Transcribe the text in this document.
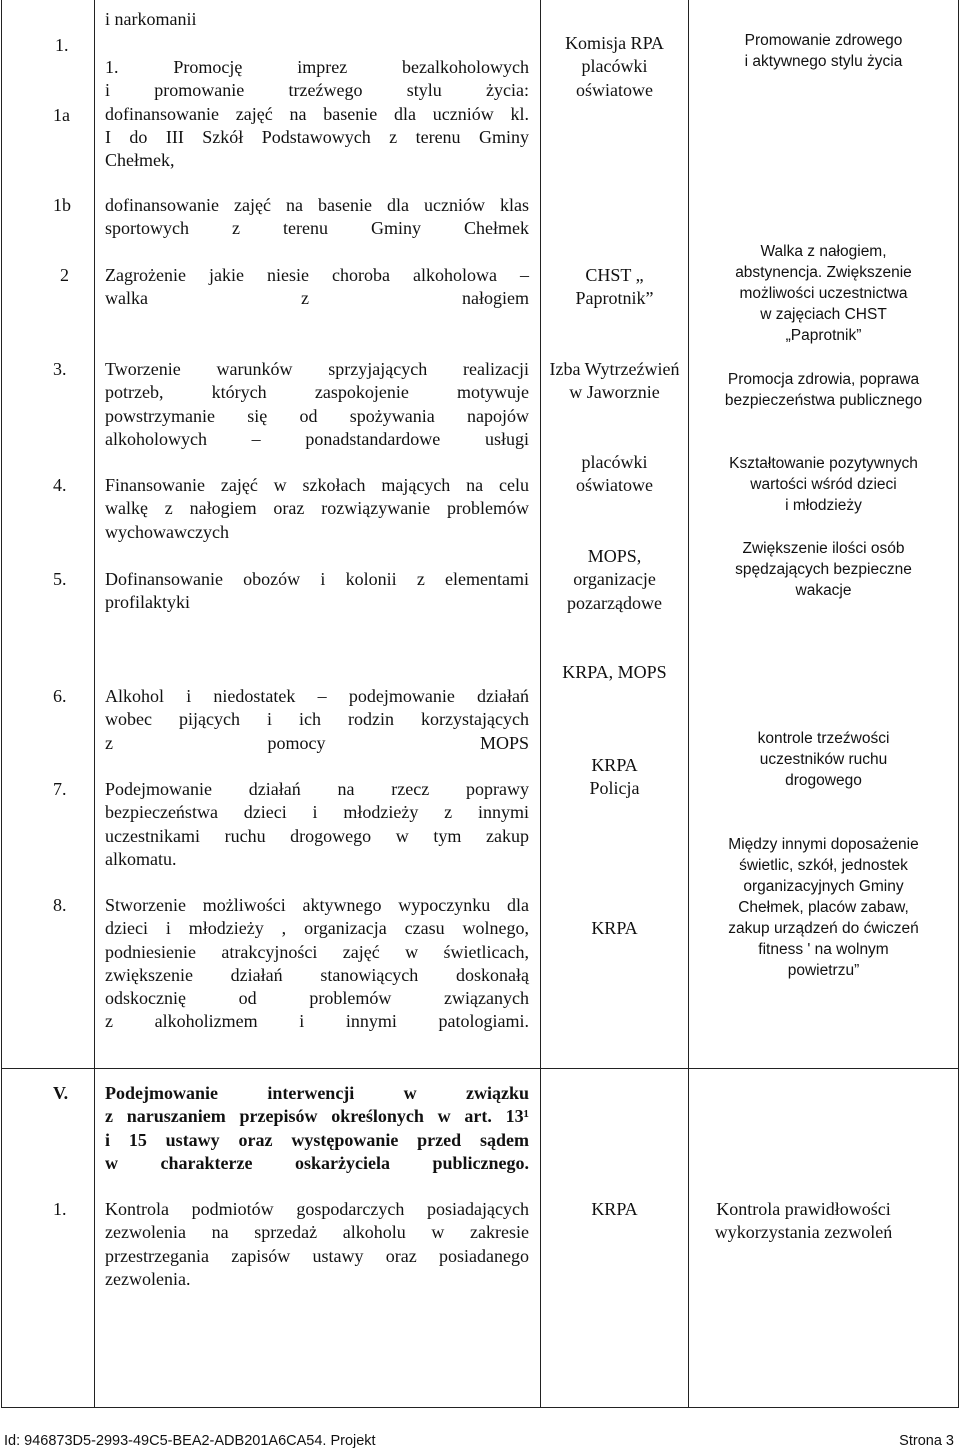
1.
1a
i narkomanii
1. Promocję imprez bezalkoholowych
i promowanie trzeźwego stylu życia:
dofinansowanie zajęć na basenie dla uczniów kl.
I do III Szkół Podstawowych z terenu Gminy
Chełmek,
Komisja RPA
placówki
oświatowe
Promowanie zdrowego
i aktywnego stylu życia
1b dofinansowanie zajęć na basenie dla uczniów klas
sportowych z terenu Gminy Chełmek
2 Zagrożenie jakie niesie choroba alkoholowa –
walka z nałogiem
CHST „
Paprotnik”
Walka z nałogiem,
abstynencja. Zwiększenie
możliwości uczestnictwa
w zajęciach CHST
„Paprotnik”
3. Tworzenie warunków sprzyjających realizacji
potrzeb, których zaspokojenie motywuje
powstrzymanie się od spożywania napojów
alkoholowych – ponadstandardowe usługi
Izba Wytrzeźwień
w Jaworznie
Promocja zdrowia, poprawa
bezpieczeństwa publicznego
4. Finansowanie zajęć w szkołach mających na celu
walkę z nałogiem oraz rozwiązywanie problemów
wychowawczych
placówki
oświatowe
Kształtowanie pozytywnych
wartości wśród dzieci
i młodzieży
5. Dofinansowanie obozów i kolonii z elementami
profilaktyki
MOPS,
organizacje
pozarządowe
Zwiększenie ilości osób
spędzających bezpieczne
wakacje
6. Alkohol i niedostatek – podejmowanie działań
wobec pijących i ich rodzin korzystających
z pomocy MOPS
KRPA, MOPS
kontrole trzeźwości
uczestników ruchu
drogowego
7. Podejmowanie działań na rzecz poprawy
bezpieczeństwa dzieci i młodzieży z innymi
uczestnikami ruchu drogowego w tym zakup
alkomatu.
KRPA
Policja
Między innymi doposażenie
świetlic, szkół, jednostek
organizacyjnych Gminy
Chełmek, placów zabaw,
zakup urządzeń do ćwiczeń
fitness ' na wolnym
powietrzu”
8. Stworzenie możliwości aktywnego wypoczynku dla
dzieci i młodzieży , organizacja czasu wolnego,
podniesienie atrakcyjności zajęć w świetlicach,
zwiększenie działań stanowiących doskonałą
odskocznię od problemów związanych
z alkoholizmem i innymi patologiami.
KRPA
V. Podejmowanie interwencji w związku
z naruszaniem przepisów określonych w art. 13¹
i 15 ustawy oraz występowanie przed sądem
w charakterze oskarżyciela publicznego.
1. Kontrola podmiotów gospodarczych posiadających
zezwolenia na sprzedaż alkoholu w zakresie
przestrzegania zapisów ustawy oraz posiadanego
zezwolenia.
KRPA	Kontrola prawidłowości
wykorzystania zezwoleń
Id: 946873D5-2993-49C5-BEA2-ADB201A6CA54. Projekt	Strona 3
